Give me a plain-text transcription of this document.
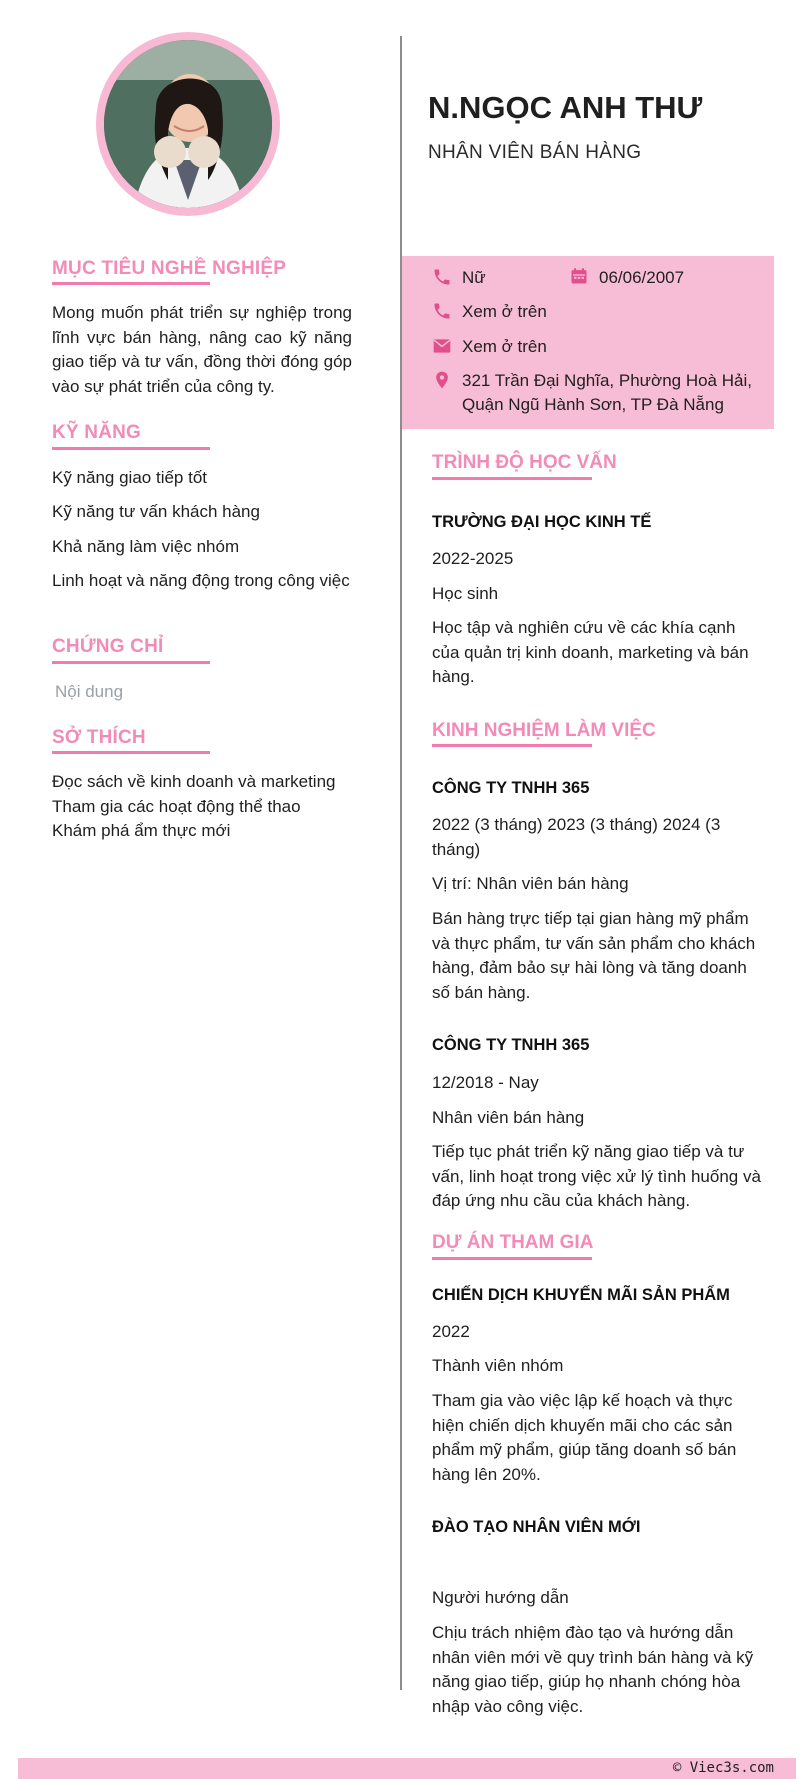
MỤC TIÊU NGHỀ NGHIỆP
Mong muốn phát triển sự nghiệp trong lĩnh vực bán hàng, nâng cao kỹ năng giao tiếp và tư vấn, đồng thời đóng góp vào sự phát triển của công ty.
KỸ NĂNG
Kỹ năng giao tiếp tốt
Kỹ năng tư vấn khách hàng
Khả năng làm việc nhóm
Linh hoạt và năng động trong công việc
CHỨNG CHỈ
Nội dung
SỞ THÍCH
Đọc sách về kinh doanh và marketing
Tham gia các hoạt động thể thao
Khám phá ẩm thực mới
N.NGỌC ANH THƯ
NHÂN VIÊN BÁN HÀNG
Nữ	06/06/2007
Xem ở trên
Xem ở trên
321 Trần Đại Nghĩa, Phường Hoà Hải,
Quận Ngũ Hành Sơn, TP Đà Nẵng
TRÌNH ĐỘ HỌC VẤN
TRƯỜNG ĐẠI HỌC KINH TẾ
2022-2025
Học sinh
Học tập và nghiên cứu về các khía cạnh của quản trị kinh doanh, marketing và bán hàng.
KINH NGHIỆM LÀM VIỆC
CÔNG TY TNHH 365
2022 (3 tháng) 2023 (3 tháng) 2024 (3 tháng)
Vị trí: Nhân viên bán hàng
Bán hàng trực tiếp tại gian hàng mỹ phẩm và thực phẩm, tư vấn sản phẩm cho khách hàng, đảm bảo sự hài lòng và tăng doanh số bán hàng.
CÔNG TY TNHH 365
12/2018 - Nay
Nhân viên bán hàng
Tiếp tục phát triển kỹ năng giao tiếp và tư vấn, linh hoạt trong việc xử lý tình huống và đáp ứng nhu cầu của khách hàng.
DỰ ÁN THAM GIA
CHIẾN DỊCH KHUYẾN MÃI SẢN PHẨM
2022
Thành viên nhóm
Tham gia vào việc lập kế hoạch và thực hiện chiến dịch khuyến mãi cho các sản phẩm mỹ phẩm, giúp tăng doanh số bán hàng lên 20%.
ĐÀO TẠO NHÂN VIÊN MỚI
Người hướng dẫn
Chịu trách nhiệm đào tạo và hướng dẫn nhân viên mới về quy trình bán hàng và kỹ năng giao tiếp, giúp họ nhanh chóng hòa nhập vào công việc.
© Viec3s.com
